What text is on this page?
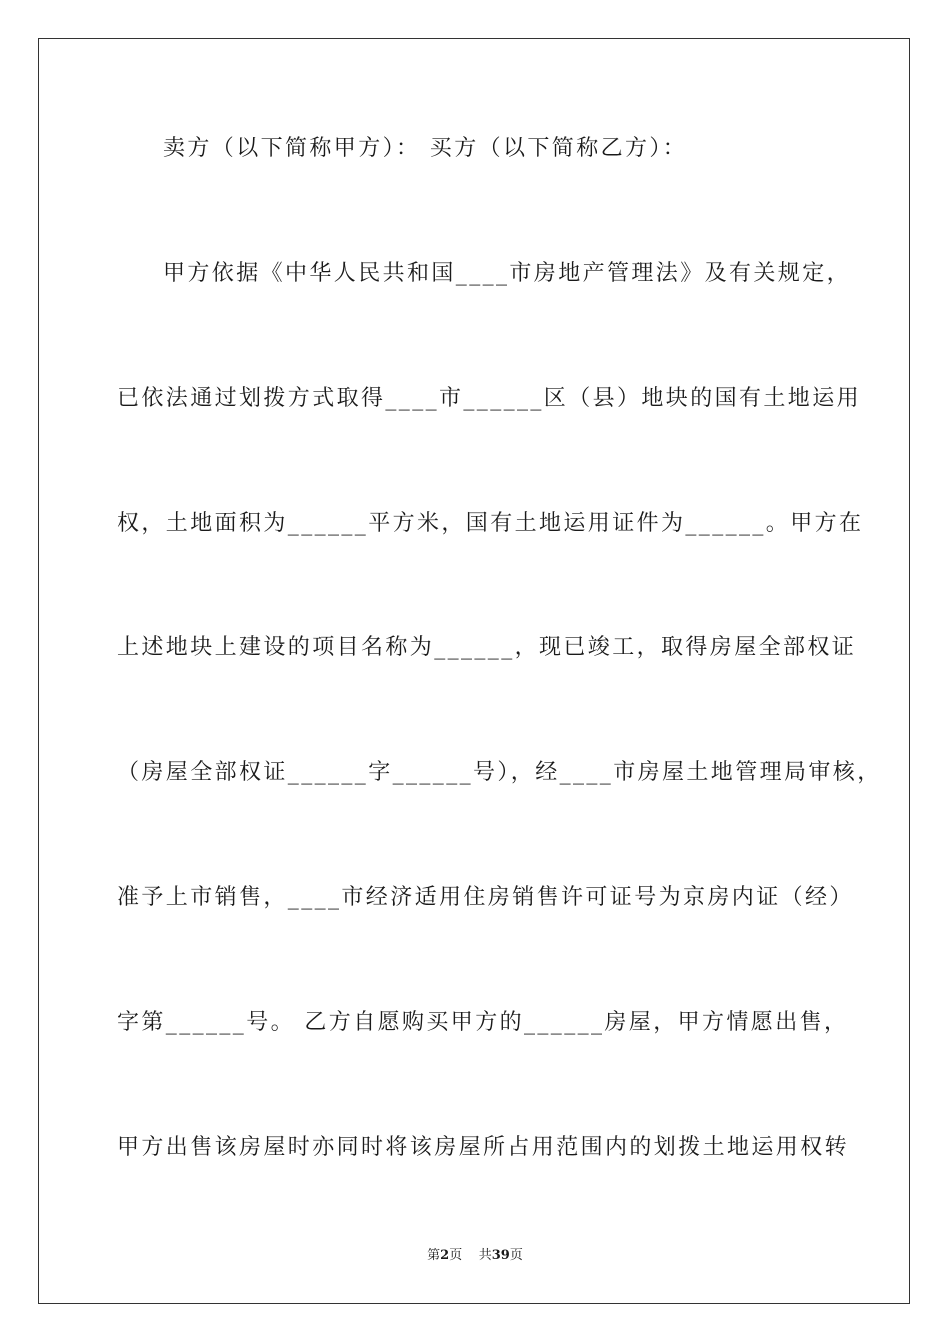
卖方（以下简称甲方）： 买方（以下简称乙方）：
甲方依据《中华人民共和国____市房地产管理法》及有关规定，
已依法通过划拨方式取得____市______区（县）地块的国有土地运用
权，土地面积为______平方米，国有土地运用证件为______。甲方在
上述地块上建设的项目名称为______，现已竣工，取得房屋全部权证
（房屋全部权证______字______号），经____市房屋土地管理局审核，
准予上市销售，____市经济适用住房销售许可证号为京房内证（经）
字第______号。 乙方自愿购买甲方的______房屋，甲方情愿出售，
甲方出售该房屋时亦同时将该房屋所占用范围内的划拨土地运用权转
第2页 共39页
